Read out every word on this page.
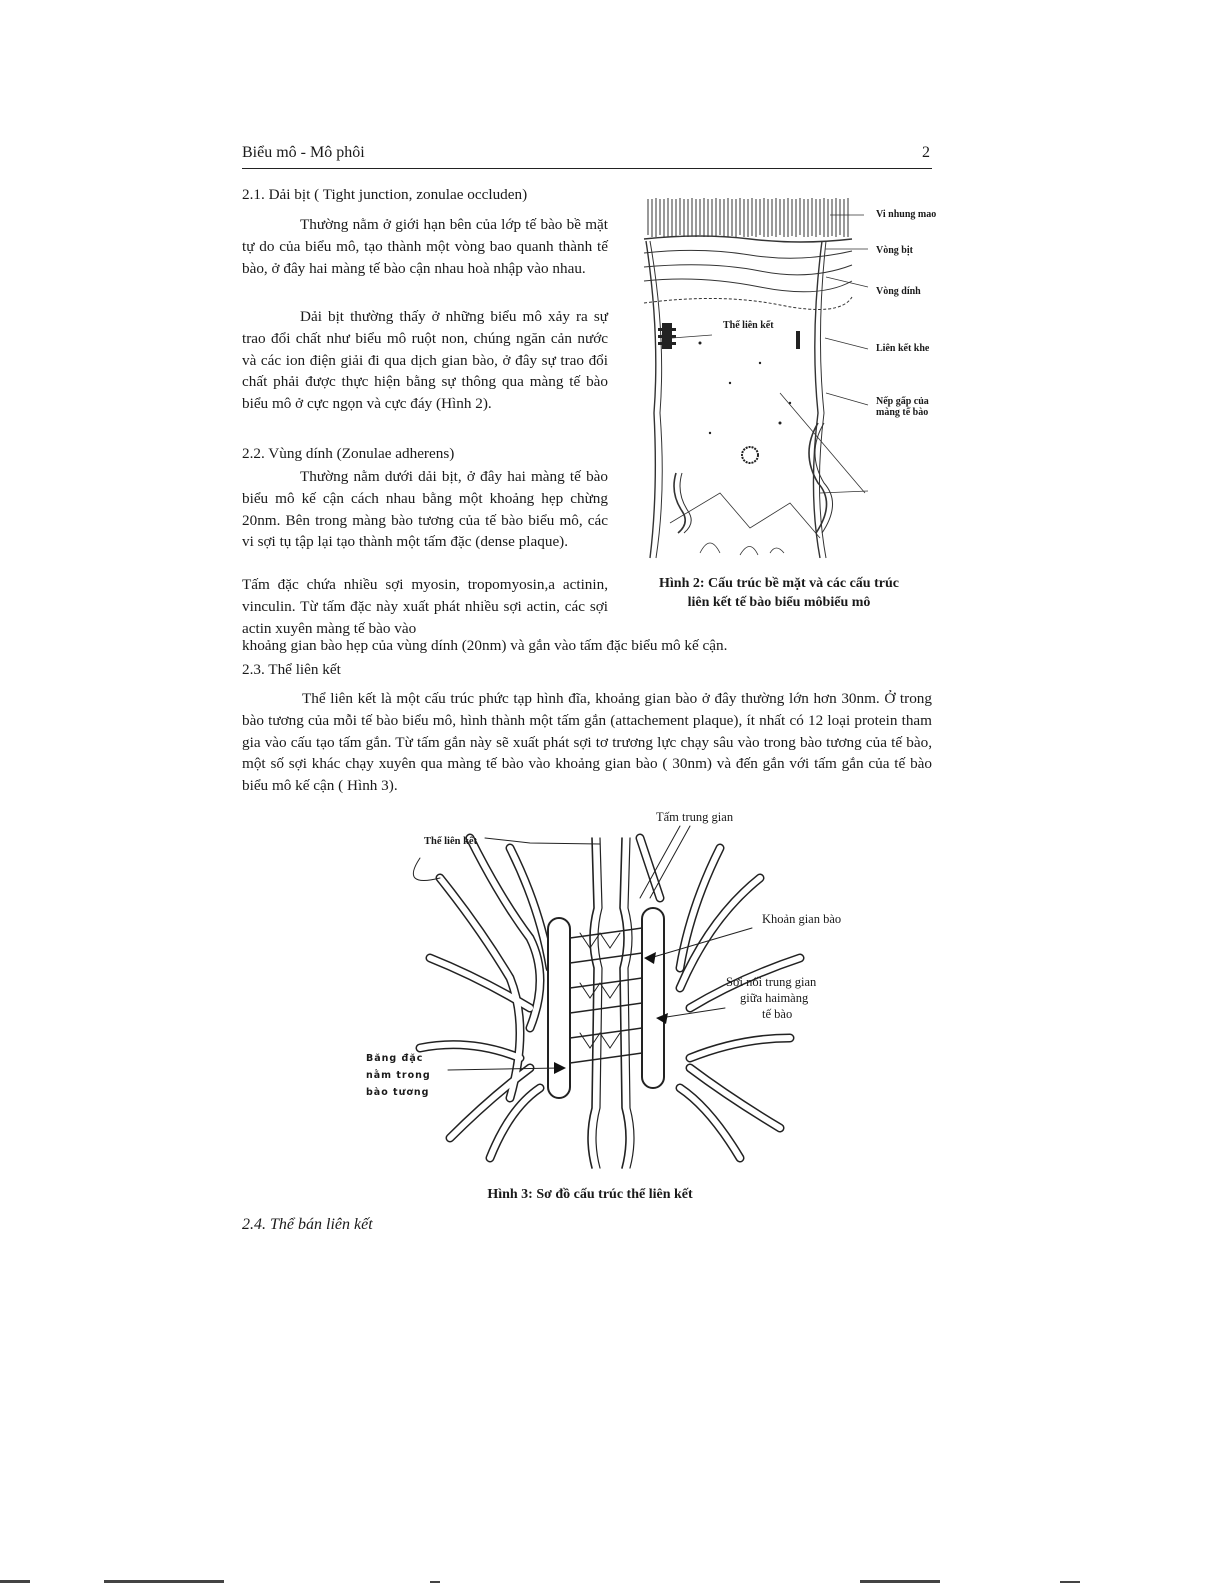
Biểu mô - Mô phôi	2
2.1. Dải bịt ( Tight junction, zonulae occluden)
Thường nằm ở giới hạn bên của lớp tế bào bề mặt tự do của biểu mô, tạo thành một vòng bao quanh thành tế bào, ở đây hai màng tế bào cận nhau hoà nhập vào nhau.
Dải bịt thường thấy ở những biểu mô xảy ra sự trao đổi chất như biểu mô ruột non, chúng ngăn cản nước và các ion điện giải đi qua dịch gian bào, ở đây sự trao đổi chất phải được thực hiện bằng sự thông qua màng tế bào biểu mô ở cực ngọn và cực đáy (Hình 2).
2.2. Vùng dính (Zonulae adherens)
Thường nằm dưới dải bịt, ở đây hai màng tế bào biểu mô kế cận cách nhau bằng một khoảng hẹp chừng 20nm. Bên trong màng bào tương của tế bào biểu mô, các vi sợi tụ tập lại tạo thành một tấm đặc (dense plaque).
Tấm đặc chứa nhiều sợi myosin, tropomyosin,a actinin, vinculin. Từ tấm đặc này xuất phát nhiều sợi actin, các sợi actin xuyên màng tế bào vào
khoảng gian bào hẹp của vùng dính (20nm) và gắn vào tấm đặc biểu mô kế cận.
2.3. Thể liên kết
Thể liên kết là một cấu trúc phức tạp hình đĩa, khoảng gian bào ở đây thường lớn hơn 30nm. Ở trong bào tương của mỗi tế bào biểu mô, hình thành một tấm gắn (attachement plaque), ít nhất có 12 loại protein tham gia vào cấu tạo tấm gắn. Từ tấm gắn này sẽ xuất phát sợi tơ trương lực chạy sâu vào trong bào tương của tế bào, một số sợi khác chạy xuyên qua màng tế bào vào khoảng gian bào ( 30nm) và đến gắn với tấm gắn của tế bào biểu mô kế cận ( Hình 3).
Vi nhung mao
Vòng bịt
Vòng dính
Thể liên kết
Liên kết khe
Nếp gấp của
màng tế bào
Hình 2: Cấu trúc bề mặt và các cấu trúc
liên kết tế bào biểu môbiểu mô
Thể liên kết
Tấm trung gian
Khoản gian bào
Sợi nối trung gian
giữa haimàng
tế bào
Băng đặc
nằm trong
bào tương
Hình 3: Sơ đồ cấu trúc thể liên kết
2.4. Thể bán liên kết
